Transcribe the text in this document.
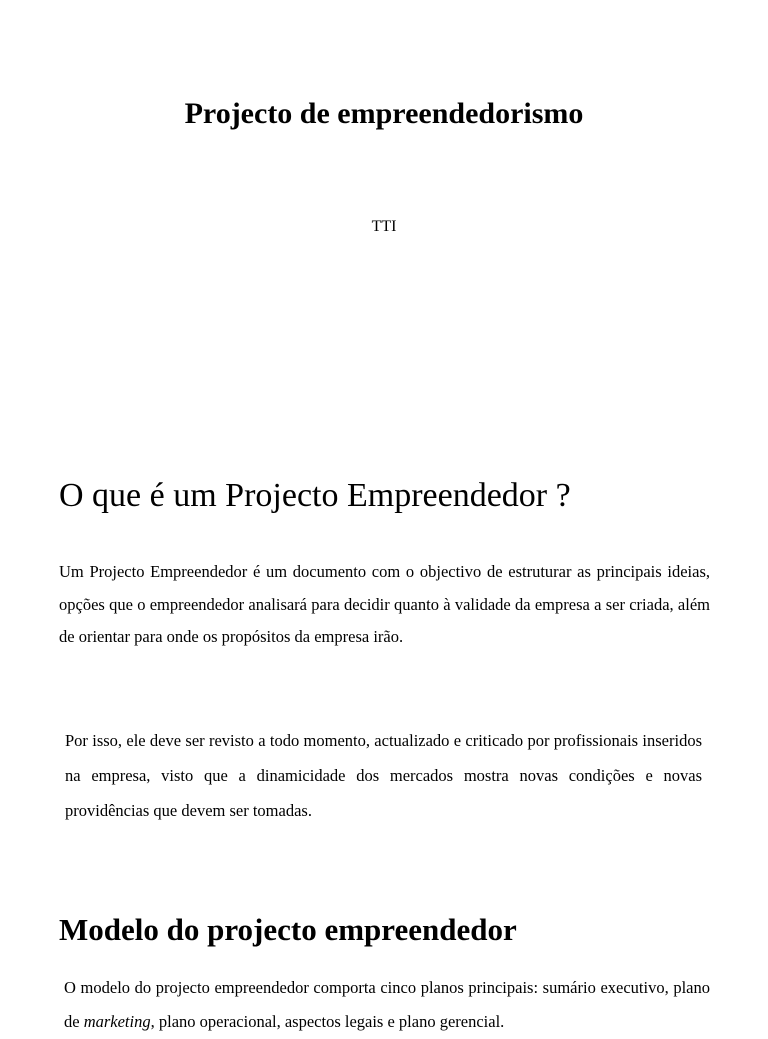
Projecto de empreendedorismo

TTI

O que é um Projecto Empreendedor ?

Um Projecto Empreendedor é um documento com o objectivo de estruturar as principais ideias, opções que o empreendedor analisará para decidir quanto à validade da empresa a ser criada, além de orientar para onde os propósitos da empresa irão.

Por isso, ele deve ser revisto a todo momento, actualizado e criticado por profissionais inseridos na empresa, visto que a dinamicidade dos mercados mostra novas condições e novas providências que devem ser tomadas.

Modelo do projecto empreendedor

O modelo do projecto empreendedor comporta cinco planos principais: sumário executivo, plano de marketing, plano operacional, aspectos legais e plano gerencial.
